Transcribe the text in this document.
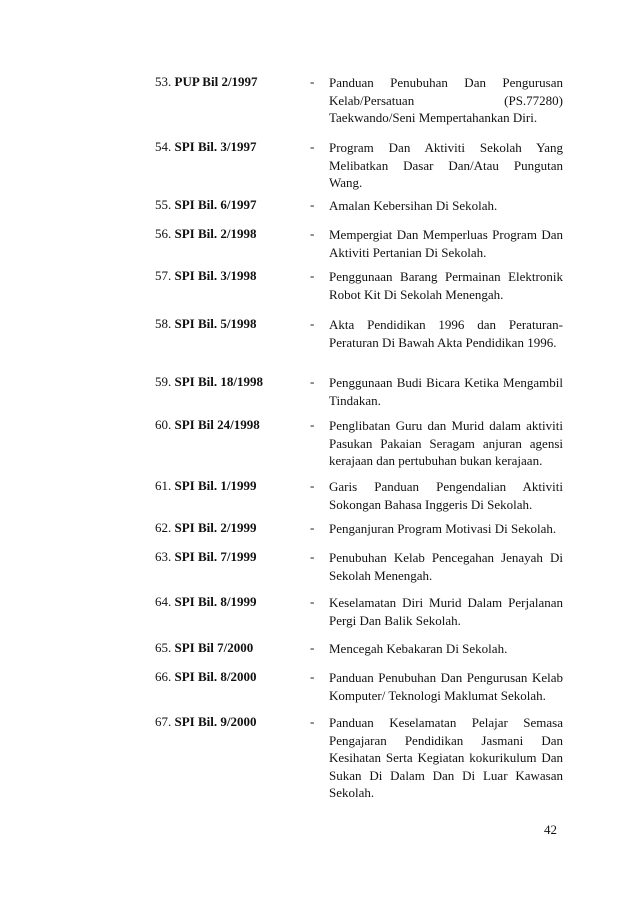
53. PUP Bil 2/1997	- Panduan Penubuhan Dan Pengurusan Kelab/Persatuan (PS.77280) Taekwando/Seni Mempertahankan Diri.
54. SPI Bil. 3/1997	- Program Dan Aktiviti Sekolah Yang Melibatkan Dasar Dan/Atau Pungutan Wang.
55. SPI Bil. 6/1997	- Amalan Kebersihan Di Sekolah.
56. SPI Bil. 2/1998	- Mempergiat Dan Memperluas Program Dan Aktiviti Pertanian Di Sekolah.
57. SPI Bil. 3/1998	- Penggunaan Barang Permainan Elektronik Robot Kit Di Sekolah Menengah.
58. SPI Bil. 5/1998	- Akta Pendidikan 1996 dan Peraturan-Peraturan Di Bawah Akta Pendidikan 1996.
59. SPI Bil. 18/1998	- Penggunaan Budi Bicara Ketika Mengambil Tindakan.
60. SPI Bil 24/1998	- Penglibatan Guru dan Murid dalam aktiviti Pasukan Pakaian Seragam anjuran agensi kerajaan dan pertubuhan bukan kerajaan.
61. SPI Bil. 1/1999	- Garis Panduan Pengendalian Aktiviti Sokongan Bahasa Inggeris Di Sekolah.
62. SPI Bil. 2/1999	- Penganjuran Program Motivasi Di Sekolah.
63. SPI Bil. 7/1999	- Penubuhan Kelab Pencegahan Jenayah Di Sekolah Menengah.
64. SPI Bil. 8/1999	- Keselamatan Diri Murid Dalam Perjalanan Pergi Dan Balik Sekolah.
65. SPI Bil 7/2000	- Mencegah Kebakaran Di Sekolah.
66. SPI Bil. 8/2000	- Panduan Penubuhan Dan Pengurusan Kelab Komputer/ Teknologi Maklumat Sekolah.
67. SPI Bil. 9/2000	- Panduan Keselamatan Pelajar Semasa Pengajaran Pendidikan Jasmani Dan Kesihatan Serta Kegiatan kokurikulum Dan Sukan Di Dalam Dan Di Luar Kawasan Sekolah.
42
